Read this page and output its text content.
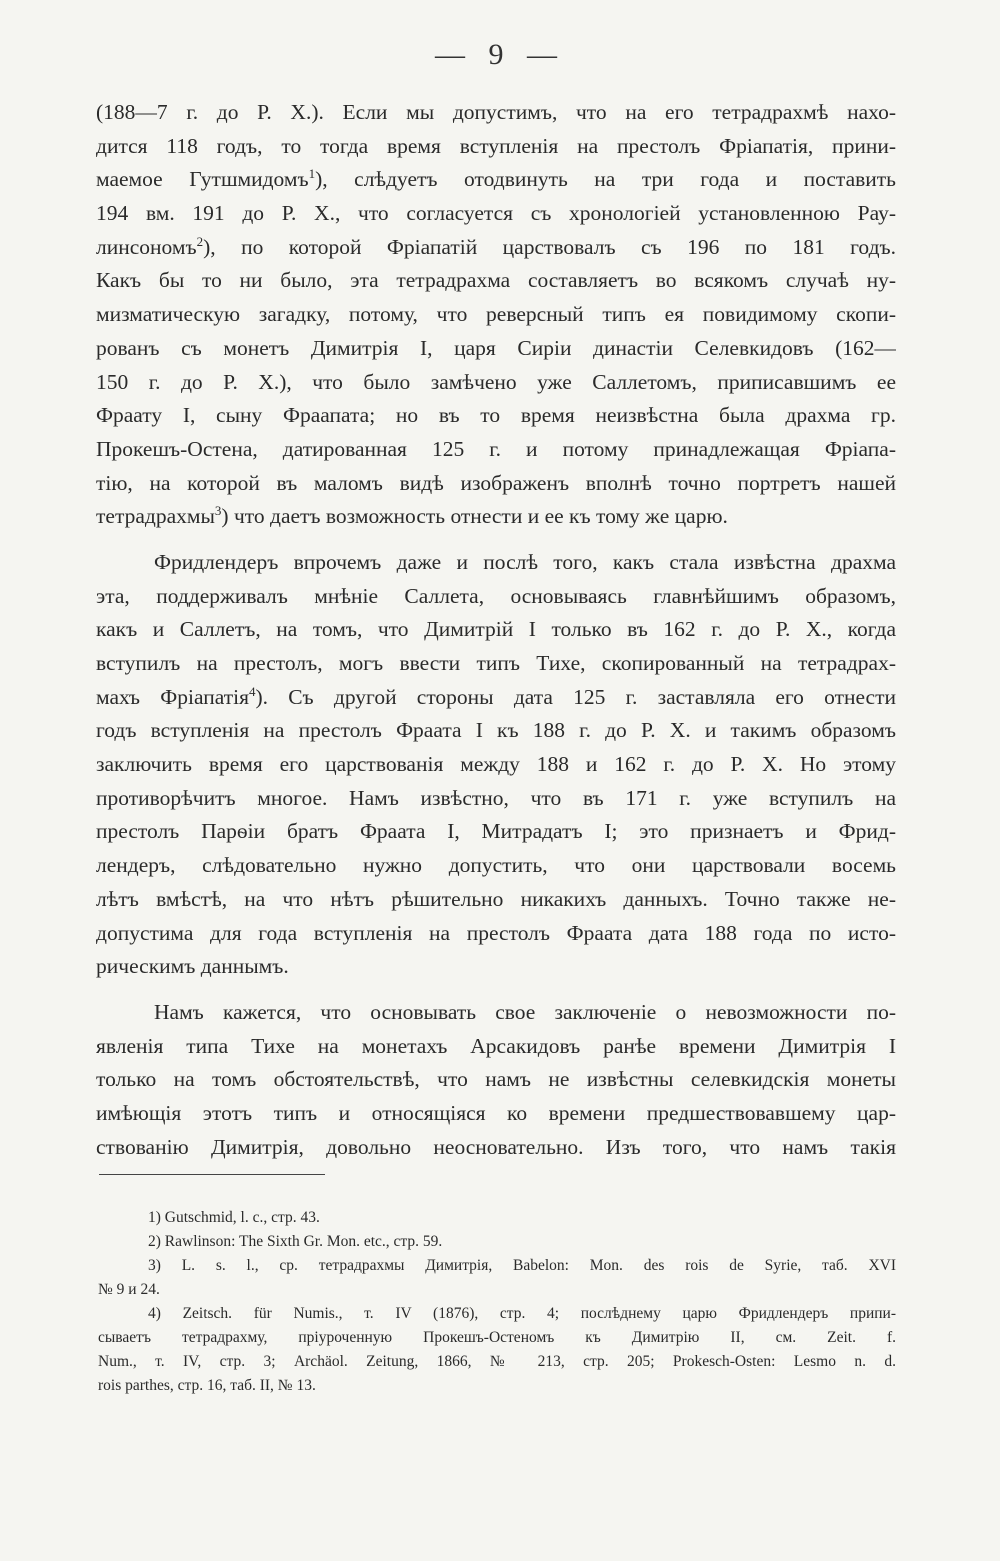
— 9 —
(188—7 г. до Р. Х.). Если мы допустимъ, что на его тетрадрахмѣ нахо-
дится 118 годъ, то тогда время вступленія на престолъ Фріапатія, прини-
маемое Гутшмидомъ$^1$), слѣдуетъ отодвинуть на три года и поставить
194 вм. 191 до Р. Х., что согласуется съ хронологіей установленною Рау-
линсономъ$^2$), по которой Фріапатій царствовалъ съ 196 по 181 годъ.
Какъ бы то ни было, эта тетрадрахма составляетъ во всякомъ случаѣ ну-
мизматическую загадку, потому, что реверсный типъ ея повидимому скопи-
рованъ съ монетъ Димитрія I, царя Сиріи династіи Селевкидовъ (162—
150 г. до Р. Х.), что было замѣчено уже Саллетомъ, приписавшимъ ее
Фраату I, сыну Фраапата; но въ то время неизвѣстна была драхма гр.
Прокешъ-Остена, датированная 125 г. и потому принадлежащая Фріапа-
тію, на которой въ маломъ видѣ изображенъ вполнѣ точно портретъ нашей
тетрадрахмы$^3$) что даетъ возможность отнести и ее къ тому же царю.
Фридлендеръ впрочемъ даже и послѣ того, какъ стала извѣстна драхма
эта, поддерживалъ мнѣніе Саллета, основываясь главнѣйшимъ образомъ,
какъ и Саллетъ, на томъ, что Димитрій I только въ 162 г. до Р. Х., когда
вступилъ на престолъ, могъ ввести типъ Тихе, скопированный на тетрадрах-
махъ Фріапатія$^4$). Съ другой стороны дата 125 г. заставляла его отнести
годъ вступленія на престолъ Фраата I къ 188 г. до Р. Х. и такимъ образомъ
заключить время его царствованія между 188 и 162 г. до Р. Х. Но этому
противорѣчитъ многое. Намъ извѣстно, что въ 171 г. уже вступилъ на
престолъ Парѳіи братъ Фраата I, Митрадатъ I; это признаетъ и Фрид-
лендеръ, слѣдовательно нужно допустить, что они царствовали восемь
лѣтъ вмѣстѣ, на что нѣтъ рѣшительно никакихъ данныхъ. Точно также не-
допустима для года вступленія на престолъ Фраата дата 188 года по исто-
рическимъ даннымъ.
Намъ кажется, что основывать свое заключеніе о невозможности по-
явленія типа Тихе на монетахъ Арсакидовъ ранѣе времени Димитрія I
только на томъ обстоятельствѣ, что намъ не извѣстны селевкидскія монеты
имѣющія этотъ типъ и относящіяся ко времени предшествовавшему цар-
ствованію Димитрія, довольно неосновательно. Изъ того, что намъ такія
1) Gutschmid, l. c., стр. 43.
2) Rawlinson: The Sixth Gr. Mon. etc., стр. 59.
3) L. s. l., ср. тетрадрахмы Димитрія, Babelon: Mon. des rois de Syrie, таб. XVI
№ 9 и 24.
4) Zeitsch. für Numis., т. IV (1876), стр. 4; послѣднему царю Фридлендеръ припи-
сываетъ тетрадрахму, пріуроченную Прокешъ-Остеномъ къ Димитрію II, см. Zeit. f.
Num., т. IV, стр. 3; Archäol. Zeitung, 1866, № 213, стр. 205; Prokesch-Osten: Lesmo n. d.
rois parthes, стр. 16, таб. II, № 13.
